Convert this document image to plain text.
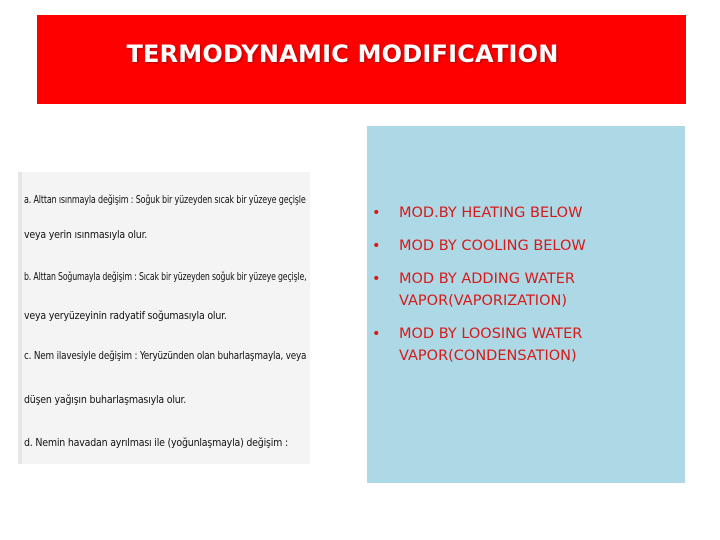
TERMODYNAMIC MODIFICATION

a. Alttan ısınmayla değişim : Soğuk bir yüzeyden sıcak bir yüzeye geçişle

veya yerin ısınmasıyla olur.

b. Alttan Soğumayla değişim : Sıcak bir yüzeyden soğuk bir yüzeye geçişle,

veya yeryüzeyinin radyatif soğumasıyla olur.

c. Nem ilavesiyle değişim : Yeryüzünden olan buharlaşmayla, veya

düşen yağışın buharlaşmasıyla olur.

d. Nemin havadan ayrılması ile (yoğunlaşmayla) değişim :

• MOD.BY HEATING BELOW
• MOD BY COOLING BELOW
• MOD BY ADDING WATER VAPOR(VAPORIZATION)
• MOD BY LOOSING WATER VAPOR(CONDENSATION)
